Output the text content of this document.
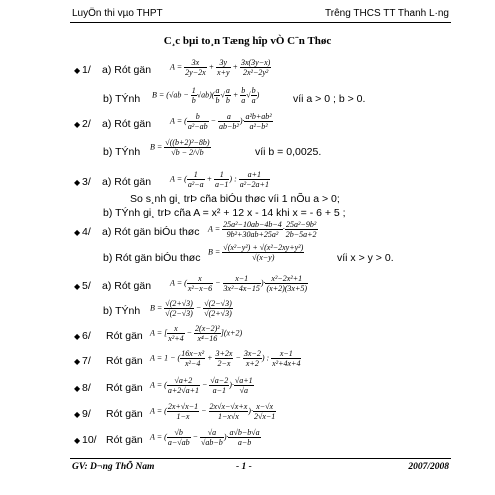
LuyÖn thi vµo THPT	Trêng THCS TT Thanh L·ng
C¸c bµi to¸n Tæng hîp vÒ C¨n Thøc
◆ 1/ a) Rót gän $A = \frac{3x}{2y-2x} + \frac{3y}{x+y} + \frac{3x(3y-x)}{\text{2x²−2y²}}$
b) TÝnh $B = (√ab - \frac{1}{b} √ab)( \frac{a}{b}$ √ $\frac{a}{b} + \frac{b}{a}$ √ $\frac{b}{a}$ )	víi a > 0 ; b > 0.
◆ 2/ a) Rót gän A = ( $\frac{b}{\text{a²−ab}} - \frac{a}{\text{ab−b²}}$ )· $\frac{\text{a²b+ab²}}{\text{a²−b²}}$
b) TÝnh $B = \frac{\text{√((b+2)²−8b)}}{√b - 2/√b}$	víi b = 0,0025.
◆ 3/ a) Rót gän A = ( $\frac{1}{\text{a²−a}} + \frac{1}{a-1}$ ) : $\frac{a+1}{\text{a²−2a+1}}$
So s¸nh gi¸ trÞ cña biÓu thøc víi 1 nÕu a > 0;
b) TÝnh gi¸ trÞ cña A = x² + 12 x - 14 khi x = - 6 + 5 ;
◆ 4/ a) Rót gän biÓu thøc $A = \frac{\text{25a²−10ab−4b−4}}{\text{9b²+30ab+25a²}} \cdot \frac{\text{25a²−9b²}}{2b-5a+2}$
b) Rót gän biÓu thøc
$B = \frac{\text{√(x²−y²) + √(x²−2xy+y²)}}{√(x-y)}$	víi x > y > 0.
◆ 5/ a) Rót gän A = ( $\frac{x}{\text{x²−x−6}} - \frac{x-1}{\text{3x²−4x−15}}$ )· $\frac{\text{x²−2x²+1}}{(x+2)(3x+5)}$
b) TÝnh $B = \frac{√(2+√3)}{√(2-√3)} - \frac{√(2-√3)}{√(2+√3)}$
◆ 6/ Rót gän A = [ $\frac{x}{\text{x²+4}} - \frac{\text{2(x−2)²}}{\text{x⁴−16}} ](x+2)$
◆ 7/ Rót gän A = 1 − ( $\frac{\text{16x−x²}}{\text{x²−4}} + \frac{3+2x}{2-x} - \frac{3x-2}{x+2}$ ) : $\frac{x-1}{\text{x²+4x+4}}$
◆ 8/ Rót gän A = ( $\frac{√a+2}{a+2√a+1} - \frac{√a-2}{a-1}$ )· $\frac{√a+1}{√a}$
◆ 9/ Rót gän A = ( $\frac{2x+√x-1}{1-x} - \frac{2x√x-√x+x}{1-x√x}$ )· $\frac{x-√x}{2√x-1}$
◆ 10/ Rót gän A = ( $\frac{√b}{a-√ab} - \frac{√a}{√ab-b}$ )· $\frac{a√b-b√a}{a-b}$
GV: D¬ng ThÕ Nam	- 1 -	2007/2008
